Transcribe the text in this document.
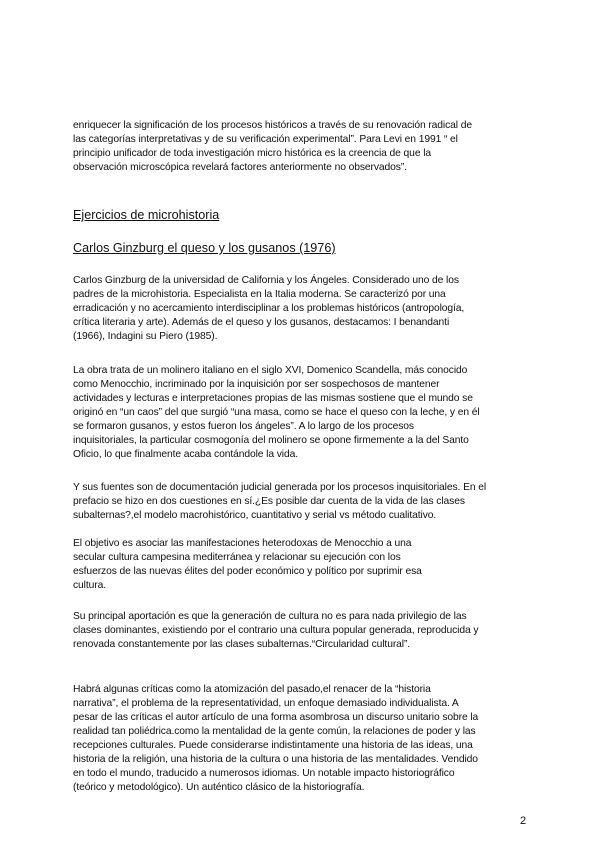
enriquecer la significación de los procesos históricos a través de su renovación radical de
las categorías interpretativas y de su verificación experimental”. Para Levi en 1991 “ el
principio unificador de toda investigación micro histórica es la creencia de que la
observación microscópica revelará factores anteriormente no observados”.
Ejercicios de microhistoria
Carlos Ginzburg el queso y los gusanos (1976)
Carlos Ginzburg de la universidad de California y los Ángeles. Considerado uno de los
padres de la microhistoria. Especialista en la Italia moderna. Se caracterizó por una
erradicación y no acercamiento interdisciplinar a los problemas históricos (antropología,
crítica literaria y arte). Además de el queso y los gusanos, destacamos: I benandanti
(1966), Indagini su Piero (1985).
La obra trata de un molinero italiano en el siglo XVI, Domenico Scandella, más conocido
como Menocchio, incriminado por la inquisición por ser sospechosos de mantener
actividades y lecturas e interpretaciones propias de las mismas sostiene que el mundo se
originó en “un caos” del que surgió “una masa, como se hace el queso con la leche, y en él
se formaron gusanos, y estos fueron los ángeles”. A lo largo de los procesos
inquisitoriales, la particular cosmogonía del molinero se opone firmemente a la del Santo
Oficio, lo que finalmente acaba contándole la vida.
Y sus fuentes son de documentación judicial generada por los procesos inquisitoriales. En el
prefacio se hizo en dos cuestiones en sí.¿Es posible dar cuenta de la vida de las clases
subalternas?,el modelo macrohistórico, cuantitativo y serial vs método cualitativo.
El objetivo es asociar las manifestaciones heterodoxas de Menocchio a una
secular cultura campesina mediterránea y relacionar su ejecución con los
esfuerzos de las nuevas élites del poder económico y político por suprimir esa
cultura.
Su principal aportación es que la generación de cultura no es para nada privilegio de las
clases dominantes, existiendo por el contrario una cultura popular generada, reproducida y
renovada constantemente por las clases subalternas.“Circularidad cultural”.
Habrá algunas críticas como la atomización del pasado,el renacer de la “historia
narrativa”, el problema de la representatividad, un enfoque demasiado individualista. A
pesar de las críticas el autor artículo de una forma asombrosa un discurso unitario sobre la
realidad tan poliédrica.como la mentalidad de la gente común, la relaciones de poder y las
recepciones culturales. Puede considerarse indistintamente una historia de las ideas, una
historia de la religión, una historia de la cultura o una historia de las mentalidades. Vendido
en todo el mundo, traducido a numerosos idiomas. Un notable impacto historiográfico
(teórico y metodológico). Un auténtico clásico de la historiografía.
2
